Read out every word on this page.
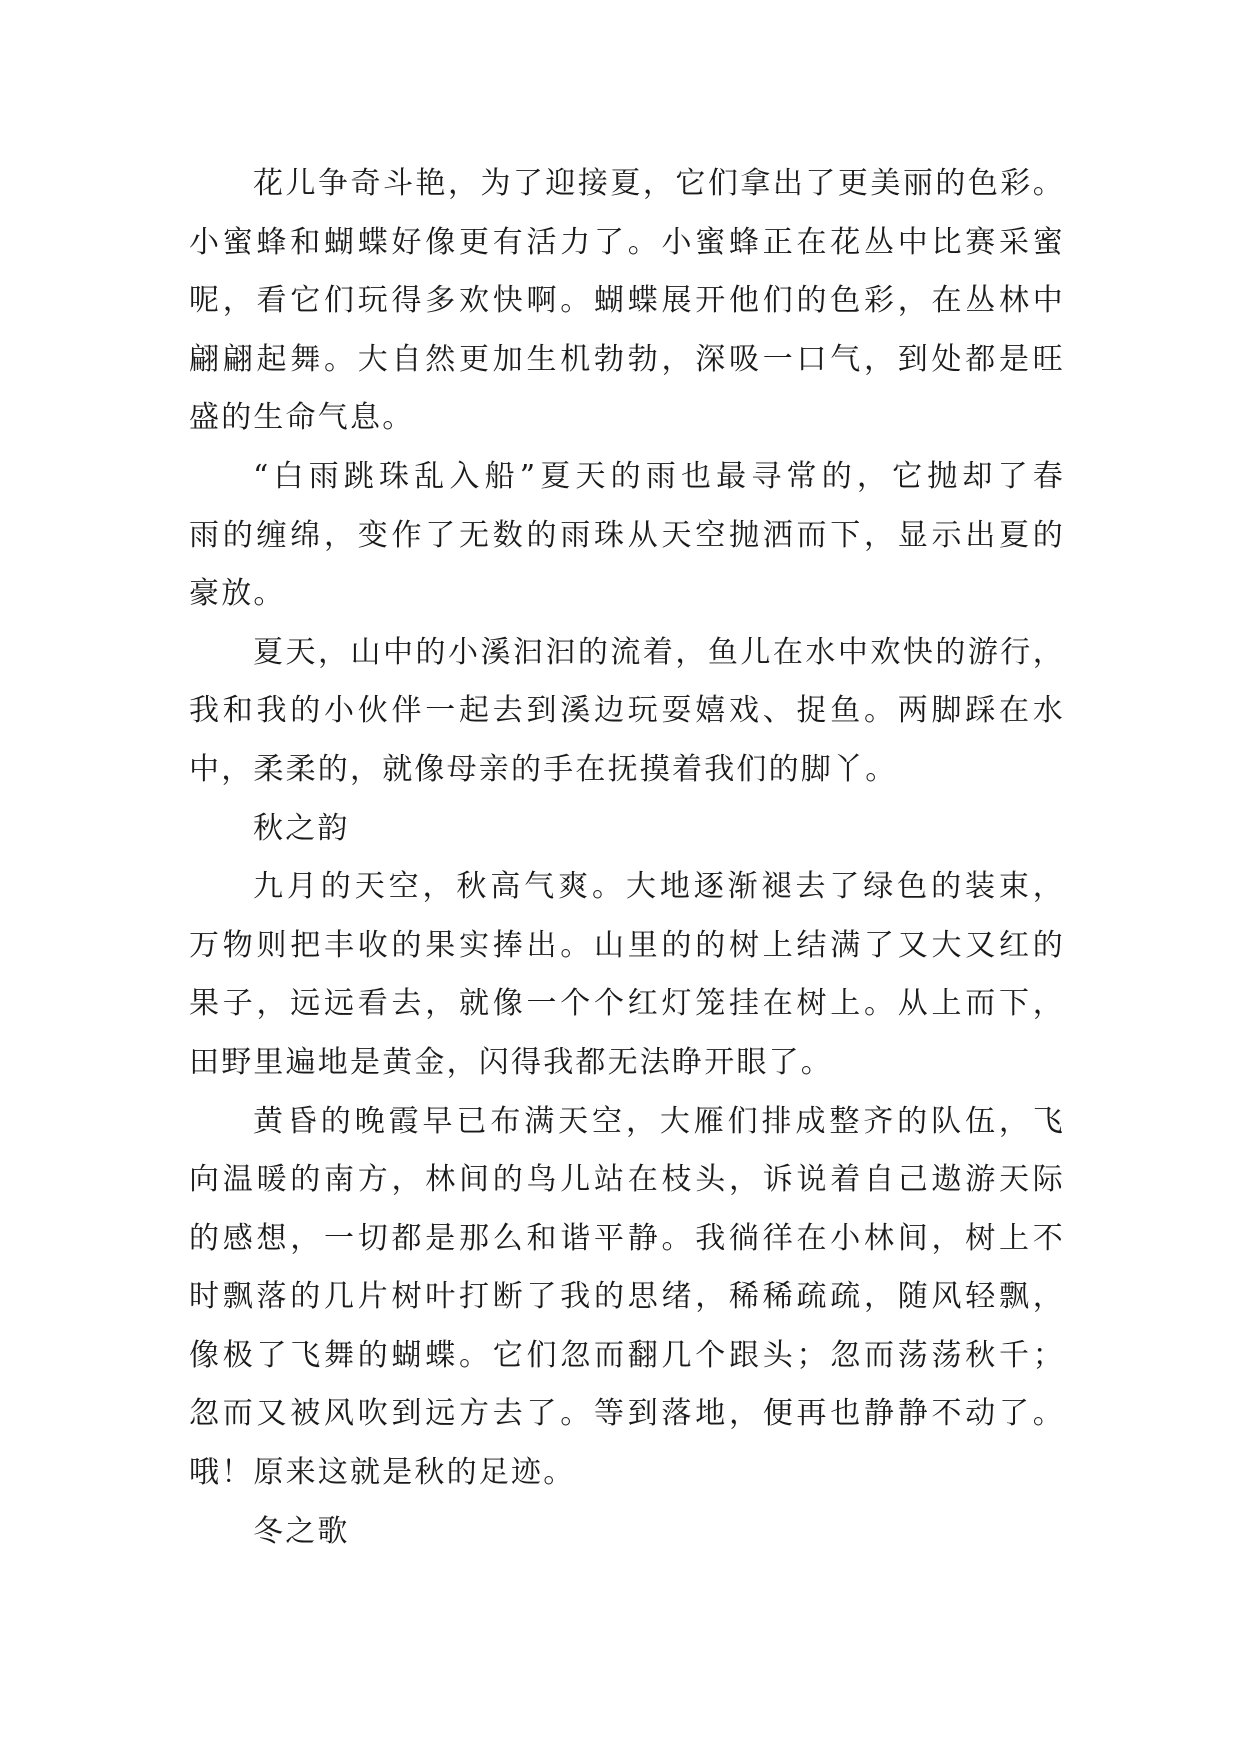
花儿争奇斗艳，为了迎接夏，它们拿出了更美丽的色彩。
小蜜蜂和蝴蝶好像更有活力了。小蜜蜂正在花丛中比赛采蜜
呢，看它们玩得多欢快啊。蝴蝶展开他们的色彩，在丛林中
翩翩起舞。大自然更加生机勃勃，深吸一口气，到处都是旺
盛的生命气息。
“白雨跳珠乱入船”夏天的雨也最寻常的，它抛却了春
雨的缠绵，变作了无数的雨珠从天空抛洒而下，显示出夏的
豪放。
夏天，山中的小溪汩汩的流着，鱼儿在水中欢快的游行，
我和我的小伙伴一起去到溪边玩耍嬉戏、捉鱼。两脚踩在水
中，柔柔的，就像母亲的手在抚摸着我们的脚丫。
秋之韵
九月的天空，秋高气爽。大地逐渐褪去了绿色的装束，
万物则把丰收的果实捧出。山里的的树上结满了又大又红的
果子，远远看去，就像一个个红灯笼挂在树上。从上而下，
田野里遍地是黄金，闪得我都无法睁开眼了。
黄昏的晚霞早已布满天空，大雁们排成整齐的队伍，飞
向温暖的南方，林间的鸟儿站在枝头，诉说着自己遨游天际
的感想，一切都是那么和谐平静。我徜徉在小林间，树上不
时飘落的几片树叶打断了我的思绪，稀稀疏疏，随风轻飘，
像极了飞舞的蝴蝶。它们忽而翻几个跟头；忽而荡荡秋千；
忽而又被风吹到远方去了。等到落地，便再也静静不动了。
哦！原来这就是秋的足迹。
冬之歌
